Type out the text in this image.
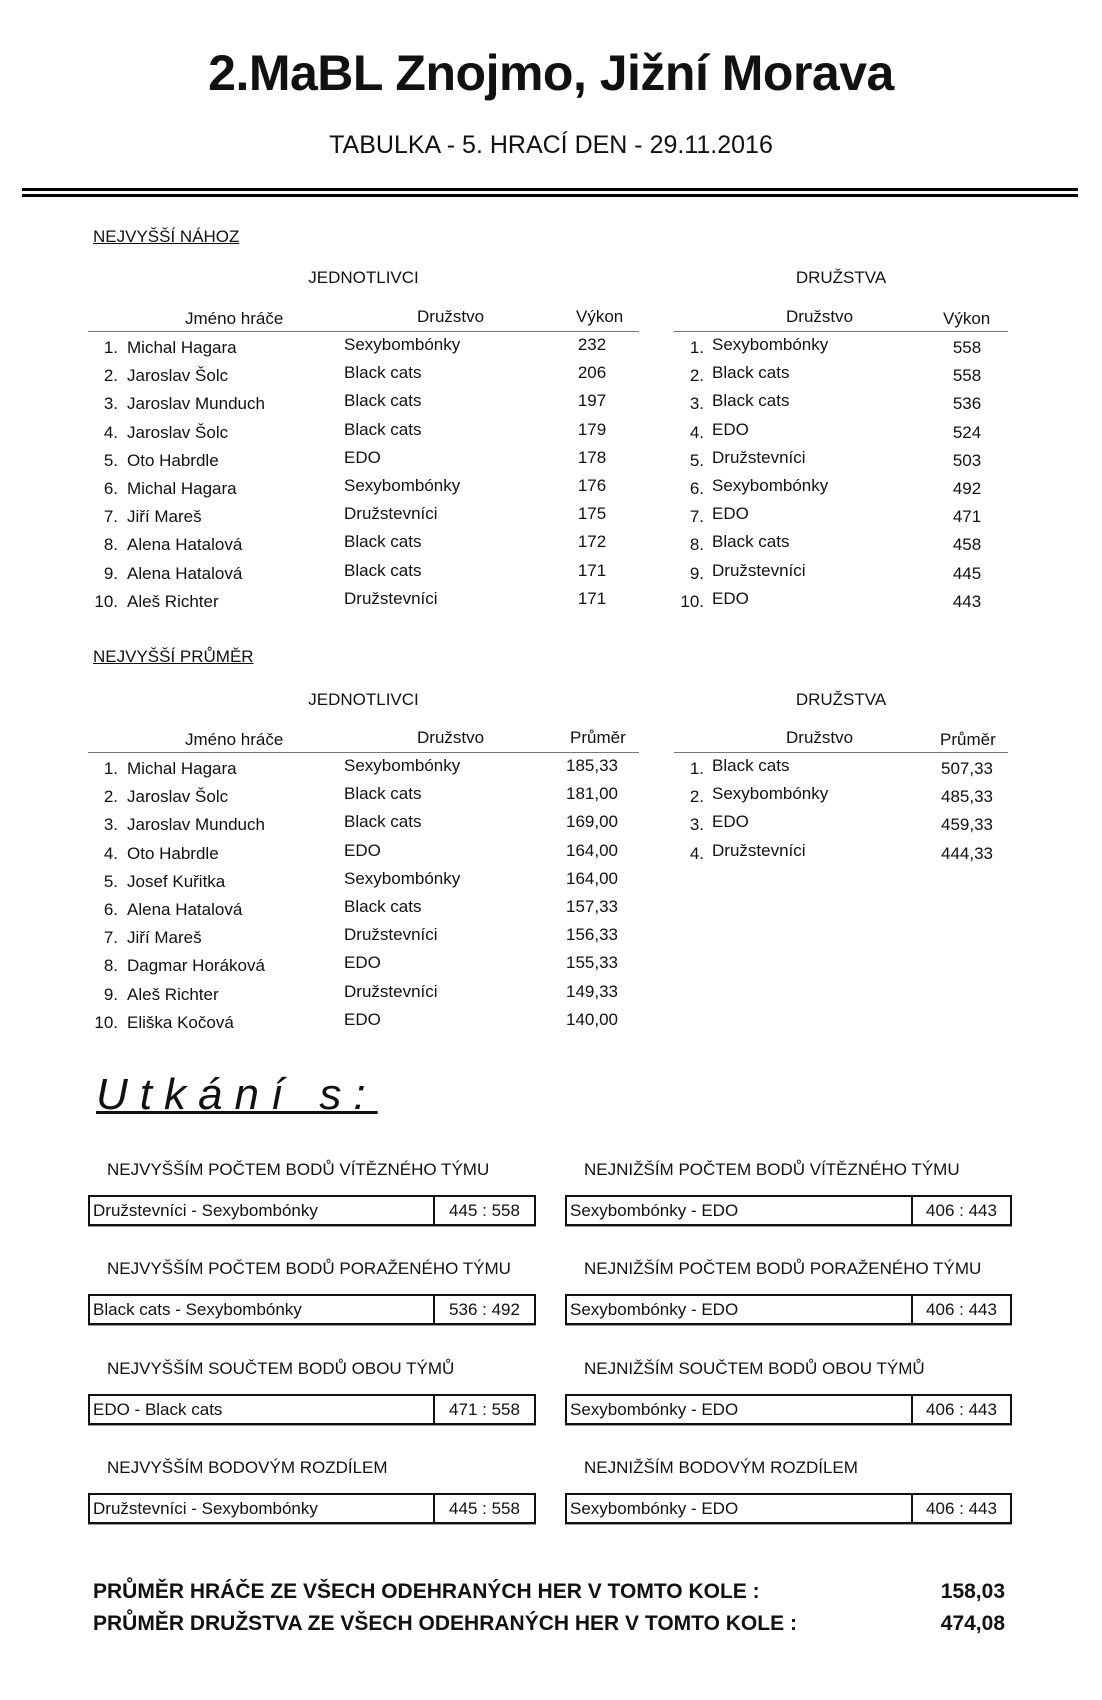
2.MaBL Znojmo, Jižní Morava
TABULKA - 5. HRACÍ DEN - 29.11.2016
NEJVYŠŠÍ NÁHOZ
JEDNOTLIVCI	DRUŽSTVA
Jméno hráče	Družstvo	Výkon	Družstvo	Výkon
1. Michal Hagara	Sexybombónky	232
2. Jaroslav Šolc	Black cats	206
3. Jaroslav Munduch	Black cats	197
4. Jaroslav Šolc	Black cats	179
5. Oto Habrdle	EDO	178
6. Michal Hagara	Sexybombónky	176
7. Jiří Mareš	Družstevníci	175
8. Alena Hatalová	Black cats	172
9. Alena Hatalová	Black cats	171
10. Aleš Richter	Družstevníci	171
1. Sexybombónky	558
2. Black cats	558
3. Black cats	536
4. EDO	524
5. Družstevníci	503
6. Sexybombónky	492
7. EDO	471
8. Black cats	458
9. Družstevníci	445
10. EDO	443
NEJVYŠŠÍ PRŮMĚR
JEDNOTLIVCI	DRUŽSTVA
Jméno hráče	Družstvo	Průměr	Družstvo	Průměr
1. Michal Hagara	Sexybombónky	185,33
2. Jaroslav Šolc	Black cats	181,00
3. Jaroslav Munduch	Black cats	169,00
4. Oto Habrdle	EDO	164,00
5. Josef Kuřitka	Sexybombónky	164,00
6. Alena Hatalová	Black cats	157,33
7. Jiří Mareš	Družstevníci	156,33
8. Dagmar Horáková	EDO	155,33
9. Aleš Richter	Družstevníci	149,33
10. Eliška Kočová	EDO	140,00
1. Black cats	507,33
2. Sexybombónky	485,33
3. EDO	459,33
4. Družstevníci	444,33
Utkání s:
NEJVYŠŠÍM POČTEM BODŮ VÍTĚZNÉHO TÝMU
Družstevníci - Sexybombónky	445 : 558
NEJVYŠŠÍM POČTEM BODŮ PORAŽENÉHO TÝMU
Black cats - Sexybombónky	536 : 492
NEJVYŠŠÍM SOUČTEM BODŮ OBOU TÝMŮ
EDO - Black cats	471 : 558
NEJVYŠŠÍM BODOVÝM ROZDÍLEM
Družstevníci - Sexybombónky	445 : 558
NEJNIŽŠÍM POČTEM BODŮ VÍTĚZNÉHO TÝMU
Sexybombónky - EDO	406 : 443
NEJNIŽŠÍM POČTEM BODŮ PORAŽENÉHO TÝMU
Sexybombónky - EDO	406 : 443
NEJNIŽŠÍM SOUČTEM BODŮ OBOU TÝMŮ
Sexybombónky - EDO	406 : 443
NEJNIŽŠÍM BODOVÝM ROZDÍLEM
Sexybombónky - EDO	406 : 443
PRŮMĚR HRÁČE ZE VŠECH ODEHRANÝCH HER V TOMTO KOLE :	158,03
PRŮMĚR DRUŽSTVA ZE VŠECH ODEHRANÝCH HER V TOMTO KOLE :	474,08
